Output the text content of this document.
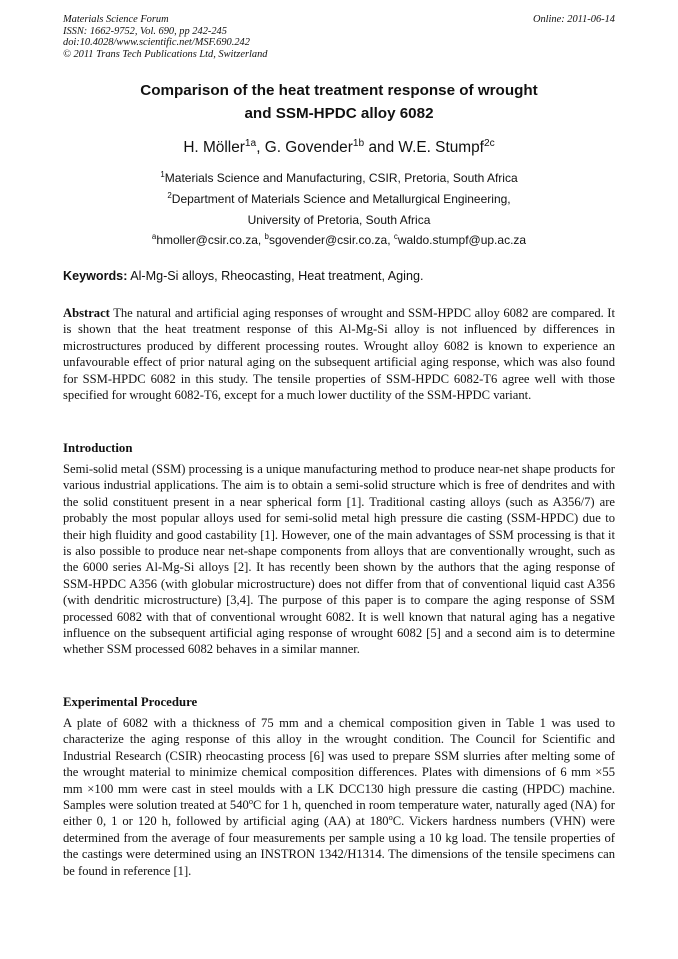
Materials Science Forum
ISSN: 1662-9752, Vol. 690, pp 242-245
doi:10.4028/www.scientific.net/MSF.690.242
© 2011 Trans Tech Publications Ltd, Switzerland
Online: 2011-06-14
Comparison of the heat treatment response of wrought
and SSM-HPDC alloy 6082
H. Möller$^{1a}$, G. Govender$^{1b}$ and W.E. Stumpf$^{2c}$
$^1$Materials Science and Manufacturing, CSIR, Pretoria, South Africa
$^2$Department of Materials Science and Metallurgical Engineering,
University of Pretoria, South Africa
$^a$hmoller@csir.co.za, $^b$sgovender@csir.co.za, $^c$waldo.stumpf@up.ac.za
Keywords: Al-Mg-Si alloys, Rheocasting, Heat treatment, Aging.
Abstract The natural and artificial aging responses of wrought and SSM-HPDC alloy 6082 are compared. It is shown that the heat treatment response of this Al-Mg-Si alloy is not influenced by differences in microstructures produced by different processing routes. Wrought alloy 6082 is known to experience an unfavourable effect of prior natural aging on the subsequent artificial aging response, which was also found for SSM-HPDC 6082 in this study. The tensile properties of SSM-HPDC 6082-T6 agree well with those specified for wrought 6082-T6, except for a much lower ductility of the SSM-HPDC variant.
Introduction
Semi-solid metal (SSM) processing is a unique manufacturing method to produce near-net shape products for various industrial applications. The aim is to obtain a semi-solid structure which is free of dendrites and with the solid constituent present in a near spherical form [1]. Traditional casting alloys (such as A356/7) are probably the most popular alloys used for semi-solid metal high pressure die casting (SSM-HPDC) due to their high fluidity and good castability [1]. However, one of the main advantages of SSM processing is that it is also possible to produce near net-shape components from alloys that are conventionally wrought, such as the 6000 series Al-Mg-Si alloys [2]. It has recently been shown by the authors that the aging response of SSM-HPDC A356 (with globular microstructure) does not differ from that of conventional liquid cast A356 (with dendritic microstructure) [3,4]. The purpose of this paper is to compare the aging response of SSM processed 6082 with that of conventional wrought 6082. It is well known that natural aging has a negative influence on the subsequent artificial aging response of wrought 6082 [5] and a second aim is to determine whether SSM processed 6082 behaves in a similar manner.
Experimental Procedure
A plate of 6082 with a thickness of 75 mm and a chemical composition given in Table 1 was used to characterize the aging response of this alloy in the wrought condition. The Council for Scientific and Industrial Research (CSIR) rheocasting process [6] was used to prepare SSM slurries after melting some of the wrought material to minimize chemical composition differences. Plates with dimensions of 6 mm ×55 mm ×100 mm were cast in steel moulds with a LK DCC130 high pressure die casting (HPDC) machine. Samples were solution treated at 540$^o$C for 1 h, quenched in room temperature water, naturally aged (NA) for either 0, 1 or 120 h, followed by artificial aging (AA) at 180$^o$C. Vickers hardness numbers (VHN) were determined from the average of four measurements per sample using a 10 kg load. The tensile properties of the castings were determined using an INSTRON 1342/H1314. The dimensions of the tensile specimens can be found in reference [1].
